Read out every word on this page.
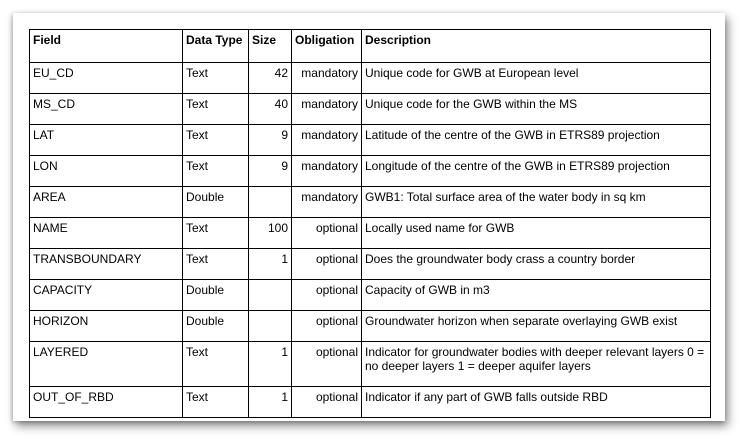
Field	Data Type	Size	Obligation	Description
EU_CD	Text	42	mandatory	Unique code for GWB at European level
MS_CD	Text	40	mandatory	Unique code for the GWB within the MS
LAT	Text	9	mandatory	Latitude of the centre of the GWB in ETRS89 projection
LON	Text	9	mandatory	Longitude of the centre of the GWB in ETRS89 projection
AREA	Double		mandatory	GWB1: Total surface area of the water body in sq km
NAME	Text	100	optional	Locally used name for GWB
TRANSBOUNDARY	Text	1	optional	Does the groundwater body crass a country border
CAPACITY	Double		optional	Capacity of GWB in m3
HORIZON	Double		optional	Groundwater horizon when separate overlaying GWB exist
LAYERED	Text	1	optional	Indicator for groundwater bodies with deeper relevant layers 0 = no deeper layers 1 = deeper aquifer layers
OUT_OF_RBD	Text	1	optional	Indicator if any part of GWB falls outside RBD
